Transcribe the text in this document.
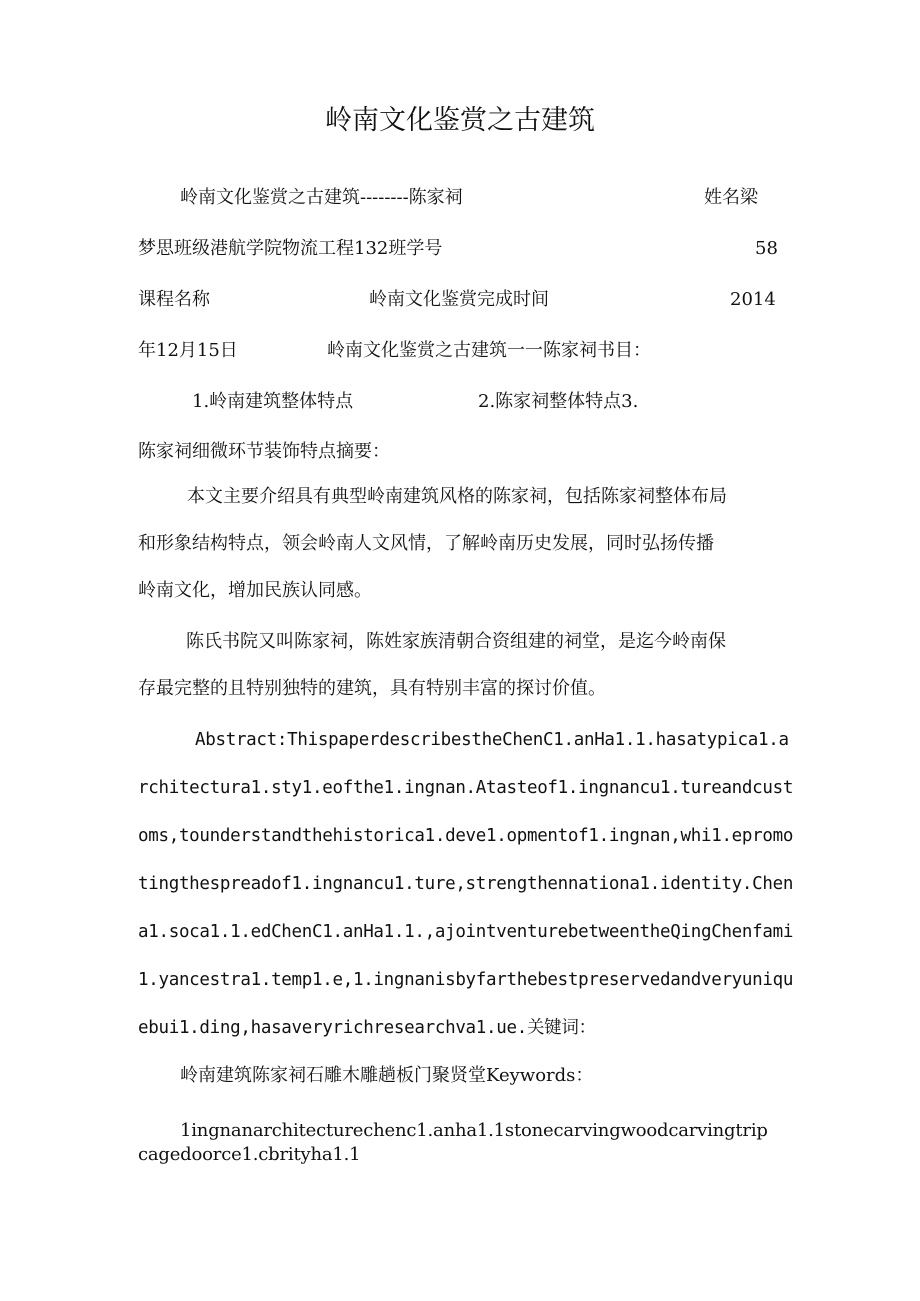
岭南文化鉴赏之古建筑
岭南文化鉴赏之古建筑--------陈家祠	姓名梁
梦思班级港航学院物流工程132班学号	58
课程名称	岭南文化鉴赏完成时间	2014
年12月15日	岭南文化鉴赏之古建筑一一陈家祠书目：
1.岭南建筑整体特点	2.陈家祠整体特点3.
陈家祠细微环节装饰特点摘要：
本文主要介绍具有典型岭南建筑风格的陈家祠，包括陈家祠整体布局
和形象结构特点，领会岭南人文风情，了解岭南历史发展，同时弘扬传播
岭南文化，增加民族认同感。
陈氏书院又叫陈家祠，陈姓家族清朝合资组建的祠堂，是迄今岭南保
存最完整的且特别独特的建筑，具有特别丰富的探讨价值。
Abstract:ThispaperdescribestheChenC1.anHa1.1.hasatypica1.a
rchitectura1.sty1.eofthe1.ingnan.Atasteof1.ingnancu1.tureandcust
oms,tounderstandthehistorica1.deve1.opmentof1.ingnan,whi1.epromo
tingthespreadof1.ingnancu1.ture,strengthennationa1.identity.Chen
a1.soca1.1.edChenC1.anHa1.1.,ajointventurebetweentheQingChenfami
1.yancestra1.temp1.e,1.ingnanisbyfarthebestpreservedandveryuniqu
ebui1.ding,hasaveryrichresearchva1.ue.关键词：
岭南建筑陈家祠石雕木雕趟板门聚贤堂Keywords：
1ingnanarchitecturechenc1.anha1.1stonecarvingwoodcarvingtrip
cagedoorce1.cbrityha1.1
